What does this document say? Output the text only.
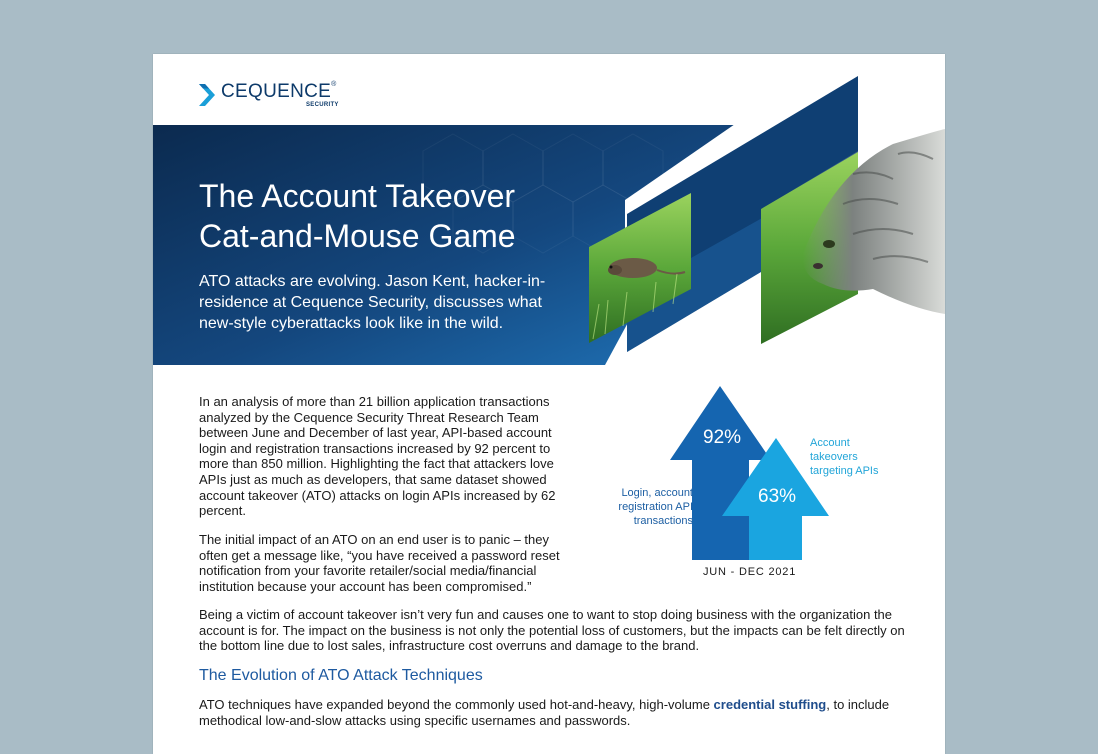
CEQUENCE®
SECURITY
The Account Takeover
Cat-and-Mouse Game

ATO attacks are evolving. Jason Kent, hacker-in-residence at Cequence Security, discusses what new-style cyberattacks look like in the wild.

In an analysis of more than 21 billion application transactions analyzed by the Cequence Security Threat Research Team between June and December of last year, API-based account login and registration transactions increased by 92 percent to more than 850 million. Highlighting the fact that attackers love APIs just as much as developers, that same dataset showed account takeover (ATO) attacks on login APIs increased by 62 percent.

The initial impact of an ATO on an end user is to panic – they often get a message like, “you have received a password reset notification from your favorite retailer/social media/financial institution because your account has been compromised.”

92%
63%

Login, account registration API transactions

Account takeovers targeting APIs

JUN - DEC 2021

Being a victim of account takeover isn’t very fun and causes one to want to stop doing business with the organization the account is for. The impact on the business is not only the potential loss of customers, but the impacts can be felt directly on the bottom line due to lost sales, infrastructure cost overruns and damage to the brand.

The Evolution of ATO Attack Techniques

ATO techniques have expanded beyond the commonly used hot-and-heavy, high-volume credential stuffing, to include methodical low-and-slow attacks using specific usernames and passwords.
